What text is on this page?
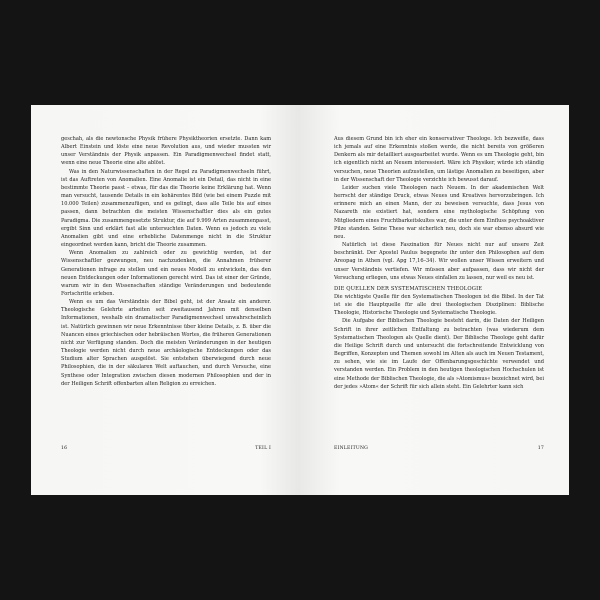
geschah, als die newtonsche Physik frühere Physiktheorien ersetzte. Dann kam Albert Einstein und löste eine neue Revolution aus, und wieder mussten wir unser Verständnis der Physik anpassen. Ein Paradigmenwechsel findet statt, wenn eine neue Theorie eine alte ablöst.

Was in den Naturwissenschaften in der Regel zu Paradigmenwechseln führt, ist das Auftreten von Anomalien. Eine Anomalie ist ein Detail, das nicht in eine bestimmte Theorie passt – etwas, für das die Theorie keine Erklärung hat. Wenn man versucht, tausende Details in ein kohärentes Bild (wie bei einem Puzzle mit 10.000 Teilen) zusammenzufügen, und es gelingt, dass alle Teile bis auf eines passen, dann betrachten die meisten Wissenschaftler dies als ein gutes Paradigma. Die zusammengesetzte Struktur, die auf 9.999 Arten zusammenpasst, ergibt Sinn und erklärt fast alle untersuchten Daten. Wenn es jedoch zu viele Anomalien gibt und eine erhebliche Datenmenge nicht in die Struktur eingeordnet werden kann, bricht die Theorie zusammen.

Wenn Anomalien zu zahlreich oder zu gewichtig werden, ist der Wissenschaftler gezwungen, neu nachzudenken, die Annahmen früherer Generationen infrage zu stellen und ein neues Modell zu entwickeln, das den neuen Entdeckungen oder Informationen gerecht wird. Das ist einer der Gründe, warum wir in den Wissenschaften ständige Veränderungen und bedeutende Fortschritte erleben.

Wenn es um das Verständnis der Bibel geht, ist der Ansatz ein anderer. Theologische Gelehrte arbeiten seit zweitausend Jahren mit denselben Informationen, weshalb ein dramatischer Paradigmenwechsel unwahrscheinlich ist. Natürlich gewinnen wir neue Erkenntnisse über kleine Details, z. B. über die Nuancen eines griechischen oder hebräischen Wortes, die früheren Generationen nicht zur Verfügung standen. Doch die meisten Veränderungen in der heutigen Theologie werden nicht durch neue archäologische Entdeckungen oder das Studium alter Sprachen ausgelöst. Sie entstehen überwiegend durch neue Philosophien, die in der säkularen Welt auftauchen, und durch Versuche, eine Synthese oder Integration zwischen diesen modernen Philosophien und der in der Heiligen Schrift offenbarten alten Religion zu erreichen.

16	TEIL I

Aus diesem Grund bin ich eher ein konservativer Theologe. Ich bezweifle, dass ich jemals auf eine Erkenntnis stoßen werde, die nicht bereits von größeren Denkern als mir detailliert ausgearbeitet wurde. Wenn es um Theologie geht, bin ich eigentlich nicht an Neuem interessiert. Wäre ich Physiker, würde ich ständig versuchen, neue Theorien aufzustellen, um lästige Anomalien zu beseitigen, aber in der Wissenschaft der Theologie verzichte ich bewusst darauf.

Leider suchen viele Theologen nach Neuem. In der akademischen Welt herrscht der ständige Druck, etwas Neues und Kreatives hervorzubringen. Ich erinnere mich an einen Mann, der zu beweisen versuchte, dass Jesus von Nazareth nie existiert hat, sondern eine mythologische Schöpfung von Mitgliedern eines Fruchtbarkeitskultes war, die unter dem Einfluss psychoaktiver Pilze standen. Seine These war sicherlich neu, doch sie war ebenso absurd wie neu.

Natürlich ist diese Faszination für Neues nicht nur auf unsere Zeit beschränkt. Der Apostel Paulus begegnete ihr unter den Philosophen auf dem Areopag in Athen (vgl. Apg 17,16–34). Wir wollen unser Wissen erweitern und unser Verständnis vertiefen. Wir müssen aber aufpassen, dass wir nicht der Versuchung erliegen, uns etwas Neues einfallen zu lassen, nur weil es neu ist.

DIE QUELLEN DER SYSTEMATISCHEN THEOLOGIE

Die wichtigste Quelle für den Systematischen Theologen ist die Bibel. In der Tat ist sie die Hauptquelle für alle drei theologischen Disziplinen: Biblische Theologie, Historische Theologie und Systematische Theologie.

Die Aufgabe der Biblischen Theologie besteht darin, die Daten der Heiligen Schrift in ihrer zeitlichen Entfaltung zu betrachten (was wiederum dem Systematischen Theologen als Quelle dient). Der Biblische Theologe geht dafür die Heilige Schrift durch und untersucht die fortschreitende Entwicklung von Begriffen, Konzepten und Themen sowohl im Alten als auch im Neuen Testament, zu sehen, wie sie im Laufe der Offenbarungsgeschichte verwendet und verstanden werden. Ein Problem in den heutigen theologischen Hochschulen ist eine Methode der Biblischen Theologie, die als »Atomismus« bezeichnet wird, bei der jedes »Atom« der Schrift für sich allein steht. Ein Gelehrter kann sich

EINLEITUNG	17
